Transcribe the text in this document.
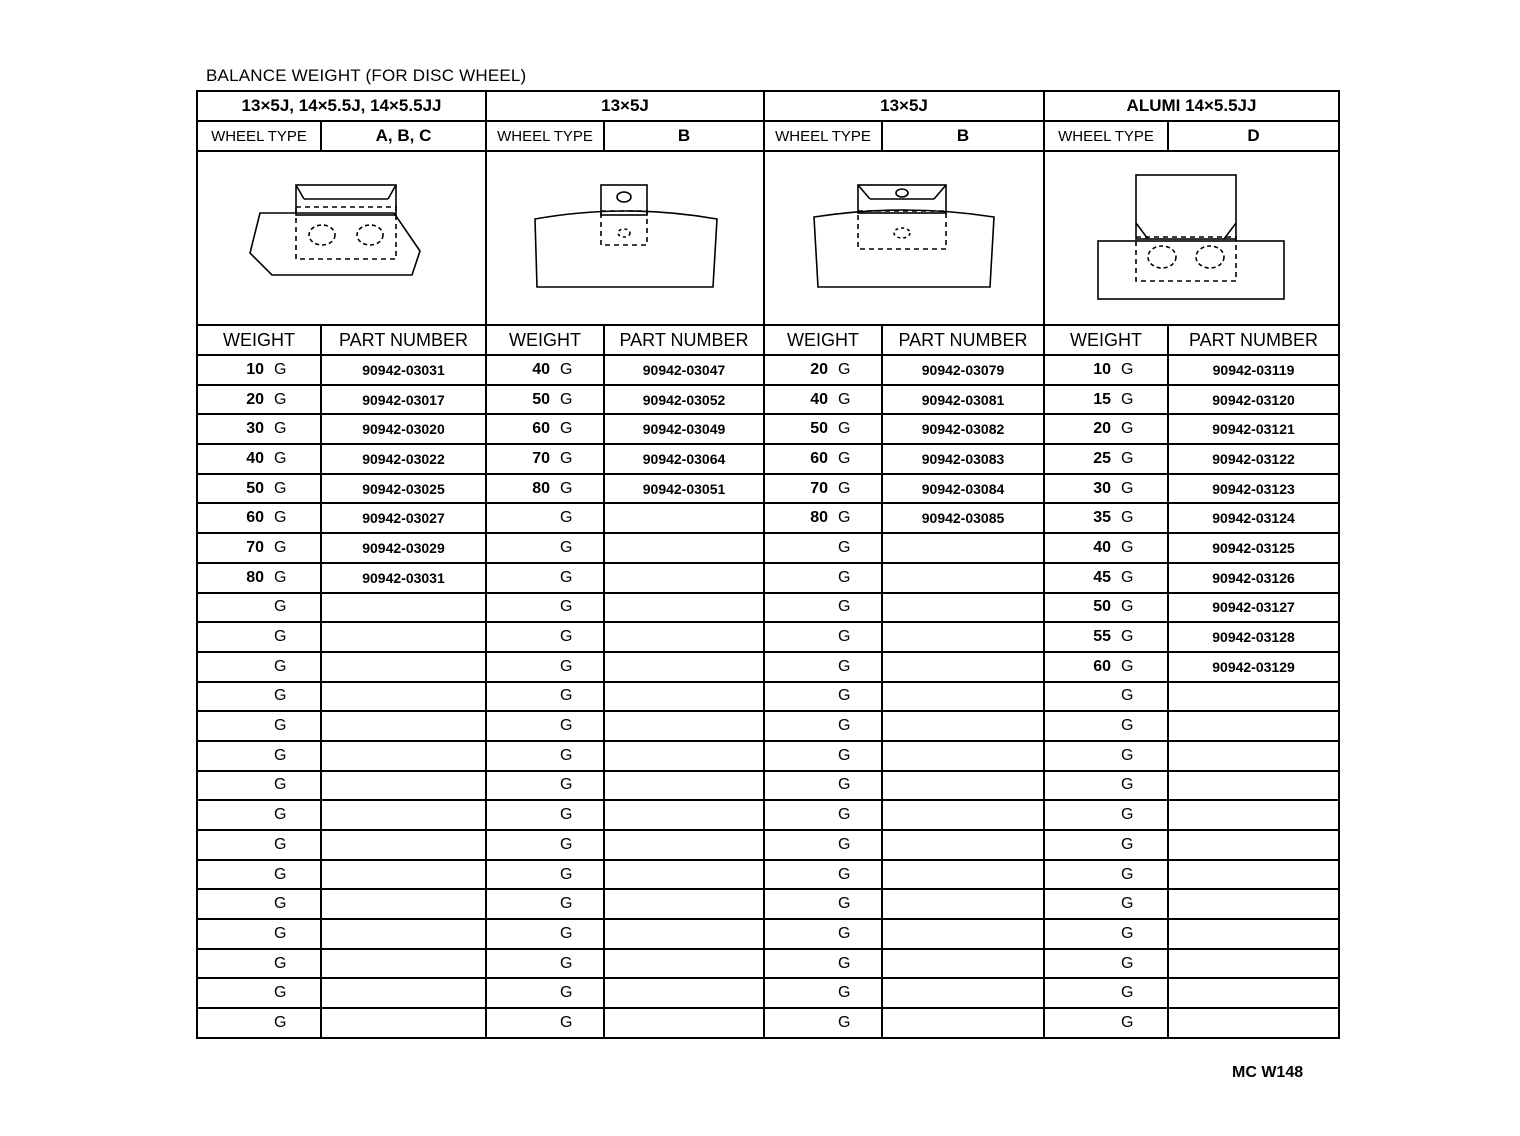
BALANCE WEIGHT (FOR DISC WHEEL)
13×5J, 14×5.5J, 14×5.5JJ		13×5J		13×5J		ALUMI 14×5.5JJ	
WHEEL TYPE	A, B, C	WHEEL TYPE	B	WHEEL TYPE	B	WHEEL TYPE	D

WEIGHT	PART NUMBER	WEIGHT	PART NUMBER	WEIGHT	PART NUMBER	WEIGHT	PART NUMBER
10 G	90942-03031	40 G	90942-03047	20 G	90942-03079	10 G	90942-03119
20 G	90942-03017	50 G	90942-03052	40 G	90942-03081	15 G	90942-03120
30 G	90942-03020	60 G	90942-03049	50 G	90942-03082	20 G	90942-03121
40 G	90942-03022	70 G	90942-03064	60 G	90942-03083	25 G	90942-03122
50 G	90942-03025	80 G	90942-03051	70 G	90942-03084	30 G	90942-03123
60 G	90942-03027	G		80 G	90942-03085	35 G	90942-03124
70 G	90942-03029	G		G		40 G	90942-03125
80 G	90942-03031	G		G		45 G	90942-03126
G		G		G		50 G	90942-03127
G		G		G		55 G	90942-03128
G		G		G		60 G	90942-03129
G		G		G		G	
G		G		G		G	
G		G		G		G	
G		G		G		G	
G		G		G		G	
G		G		G		G	
G		G		G		G	
G		G		G		G	
G		G		G		G	
G		G		G		G	
G		G		G		G	
G		G		G		G	
MC W148
